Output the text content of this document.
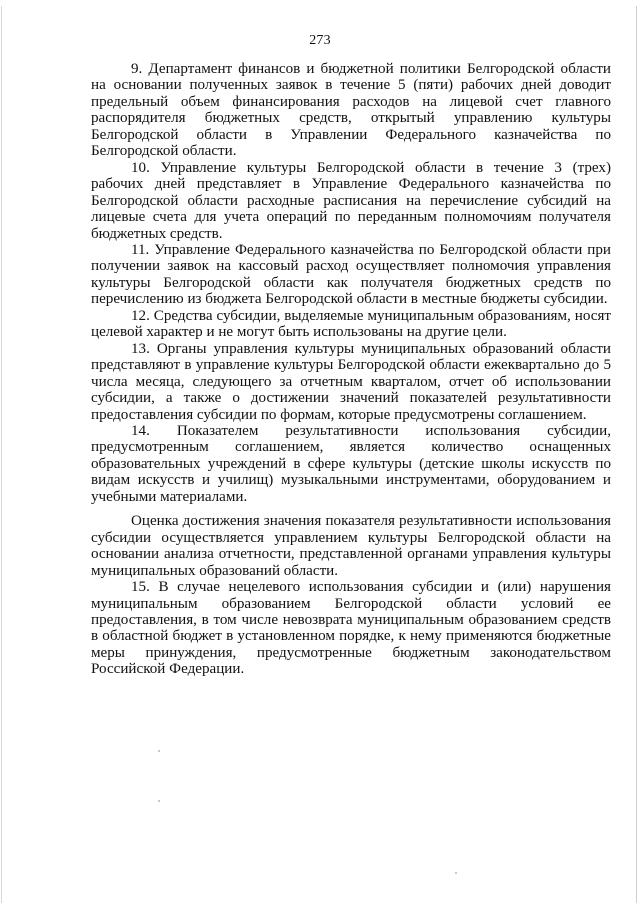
273

9. Департамент финансов и бюджетной политики Белгородской области на основании полученных заявок в течение 5 (пяти) рабочих дней доводит предельный объем финансирования расходов на лицевой счет главного распорядителя бюджетных средств, открытый управлению культуры Белгородской области в Управлении Федерального казначейства по Белгородской области.

10. Управление культуры Белгородской области в течение 3 (трех) рабочих дней представляет в Управление Федерального казначейства по Белгородской области расходные расписания на перечисление субсидий на лицевые счета для учета операций по переданным полномочиям получателя бюджетных средств.

11. Управление Федерального казначейства по Белгородской области при получении заявок на кассовый расход осуществляет полномочия управления культуры Белгородской области как получателя бюджетных средств по перечислению из бюджета Белгородской области в местные бюджеты субсидии.

12. Средства субсидии, выделяемые муниципальным образованиям, носят целевой характер и не могут быть использованы на другие цели.

13. Органы управления культуры муниципальных образований области представляют в управление культуры Белгородской области ежеквартально до 5 числа месяца, следующего за отчетным кварталом, отчет об использовании субсидии, а также о достижении значений показателей результативности предоставления субсидии по формам, которые предусмотрены соглашением.

14. Показателем результативности использования субсидии, предусмотренным соглашением, является количество оснащенных образовательных учреждений в сфере культуры (детские школы искусств по видам искусств и училищ) музыкальными инструментами, оборудованием и учебными материалами.

Оценка достижения значения показателя результативности использования субсидии осуществляется управлением культуры Белгородской области на основании анализа отчетности, представленной органами управления культуры муниципальных образований области.

15. В случае нецелевого использования субсидии и (или) нарушения муниципальным образованием Белгородской области условий ее предоставления, в том числе невозврата муниципальным образованием средств в областной бюджет в установленном порядке, к нему применяются бюджетные меры принуждения, предусмотренные бюджетным законодательством Российской Федерации.
